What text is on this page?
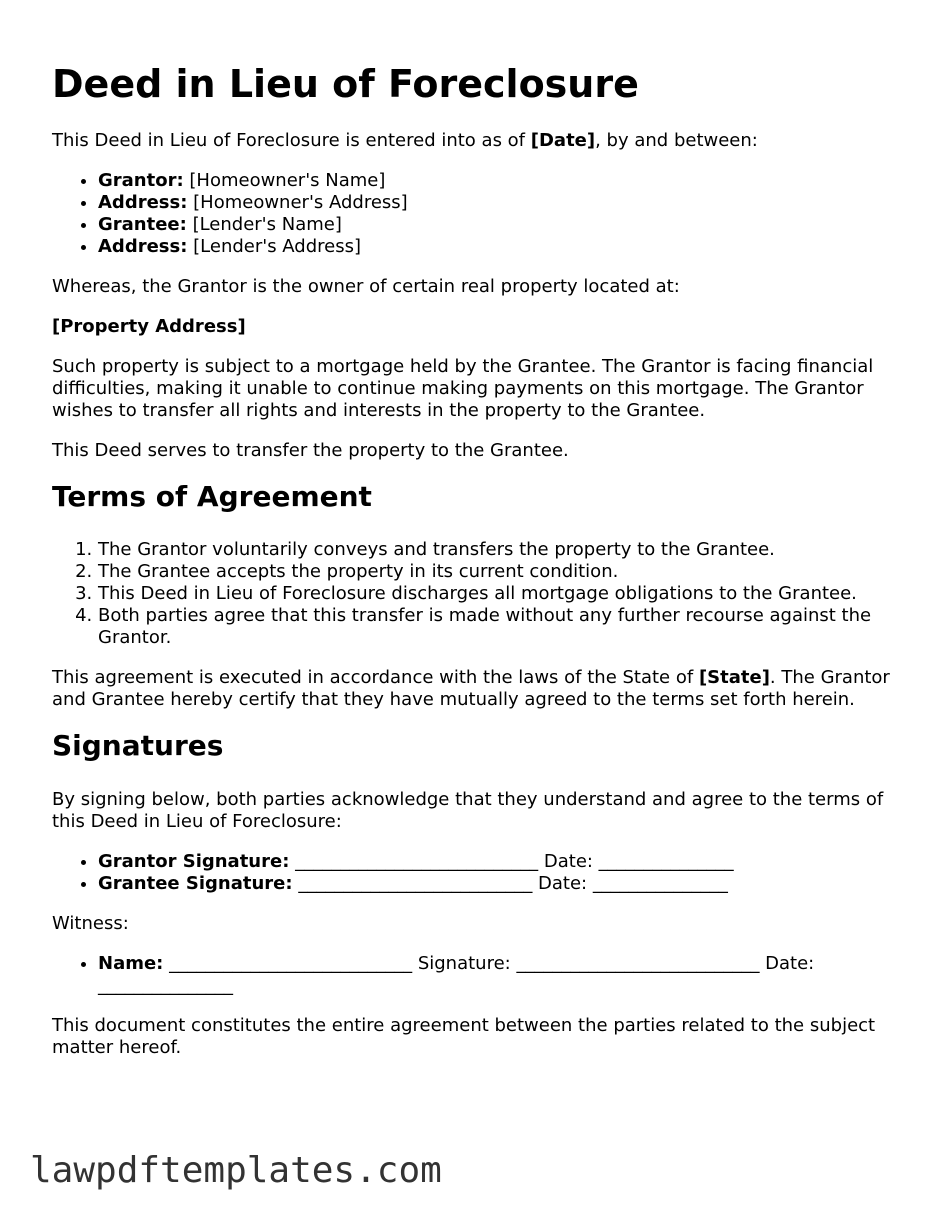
Deed in Lieu of Foreclosure

This Deed in Lieu of Foreclosure is entered into as of [Date], by and between:

• Grantor: [Homeowner's Name]
• Address: [Homeowner's Address]
• Grantee: [Lender's Name]
• Address: [Lender's Address]

Whereas, the Grantor is the owner of certain real property located at:

[Property Address]

Such property is subject to a mortgage held by the Grantee. The Grantor is facing financial difficulties, making it unable to continue making payments on this mortgage. The Grantor wishes to transfer all rights and interests in the property to the Grantee.

This Deed serves to transfer the property to the Grantee.

Terms of Agreement
1. The Grantor voluntarily conveys and transfers the property to the Grantee.
2. The Grantee accepts the property in its current condition.
3. This Deed in Lieu of Foreclosure discharges all mortgage obligations to the Grantee.
4. Both parties agree that this transfer is made without any further recourse against the Grantor.

This agreement is executed in accordance with the laws of the State of [State]. The Grantor and Grantee hereby certify that they have mutually agreed to the terms set forth herein.

Signatures

By signing below, both parties acknowledge that they understand and agree to the terms of this Deed in Lieu of Foreclosure:

• Grantor Signature: ___________________________ Date: _______________
• Grantee Signature: __________________________ Date: _______________

Witness:

• Name: ___________________________ Signature: ___________________________ Date: _______________

This document constitutes the entire agreement between the parties related to the subject matter hereof.

lawpdftemplates.com
